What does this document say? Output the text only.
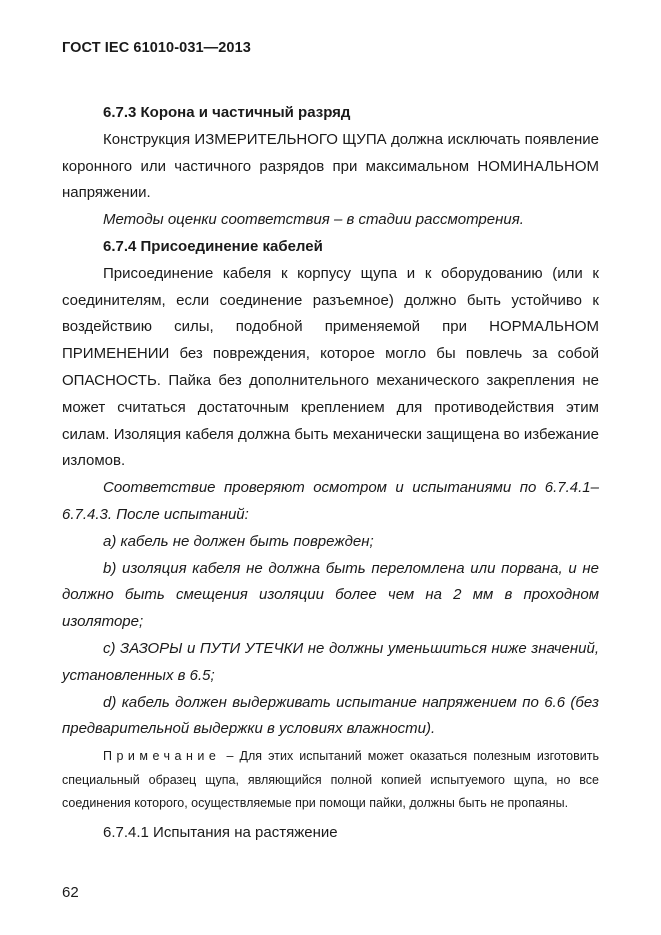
ГОСТ IEC 61010-031—2013

6.7.3 Корона и частичный разряд

Конструкция ИЗМЕРИТЕЛЬНОГО ЩУПА должна исключать появление коронного или частичного разрядов при максимальном НОМИНАЛЬНОМ напряжении.

Методы оценки соответствия – в стадии рассмотрения.

6.7.4 Присоединение кабелей

Присоединение кабеля к корпусу щупа и к оборудованию (или к соединителям, если соединение разъемное) должно быть устойчиво к воздействию силы, подобной применяемой при НОРМАЛЬНОМ ПРИМЕНЕНИИ без повреждения, которое могло бы повлечь за собой ОПАСНОСТЬ. Пайка без дополнительного механического закрепления не может считаться достаточным креплением для противодействия этим силам. Изоляция кабеля должна быть механически защищена во избежание изломов.

Соответствие проверяют осмотром и испытаниями по 6.7.4.1–6.7.4.3. После испытаний:

a) кабель не должен быть поврежден;

b) изоляция кабеля не должна быть переломлена или порвана, и не должно быть смещения изоляции более чем на 2 мм в проходном изоляторе;

c) ЗАЗОРЫ и ПУТИ УТЕЧКИ не должны уменьшиться ниже значений, установленных в 6.5;

d) кабель должен выдерживать испытание напряжением по 6.6 (без предварительной выдержки в условиях влажности).

Примечание – Для этих испытаний может оказаться полезным изготовить специальный образец щупа, являющийся полной копией испытуемого щупа, но все соединения которого, осуществляемые при помощи пайки, должны быть не пропаяны.

6.7.4.1 Испытания на растяжение

62
